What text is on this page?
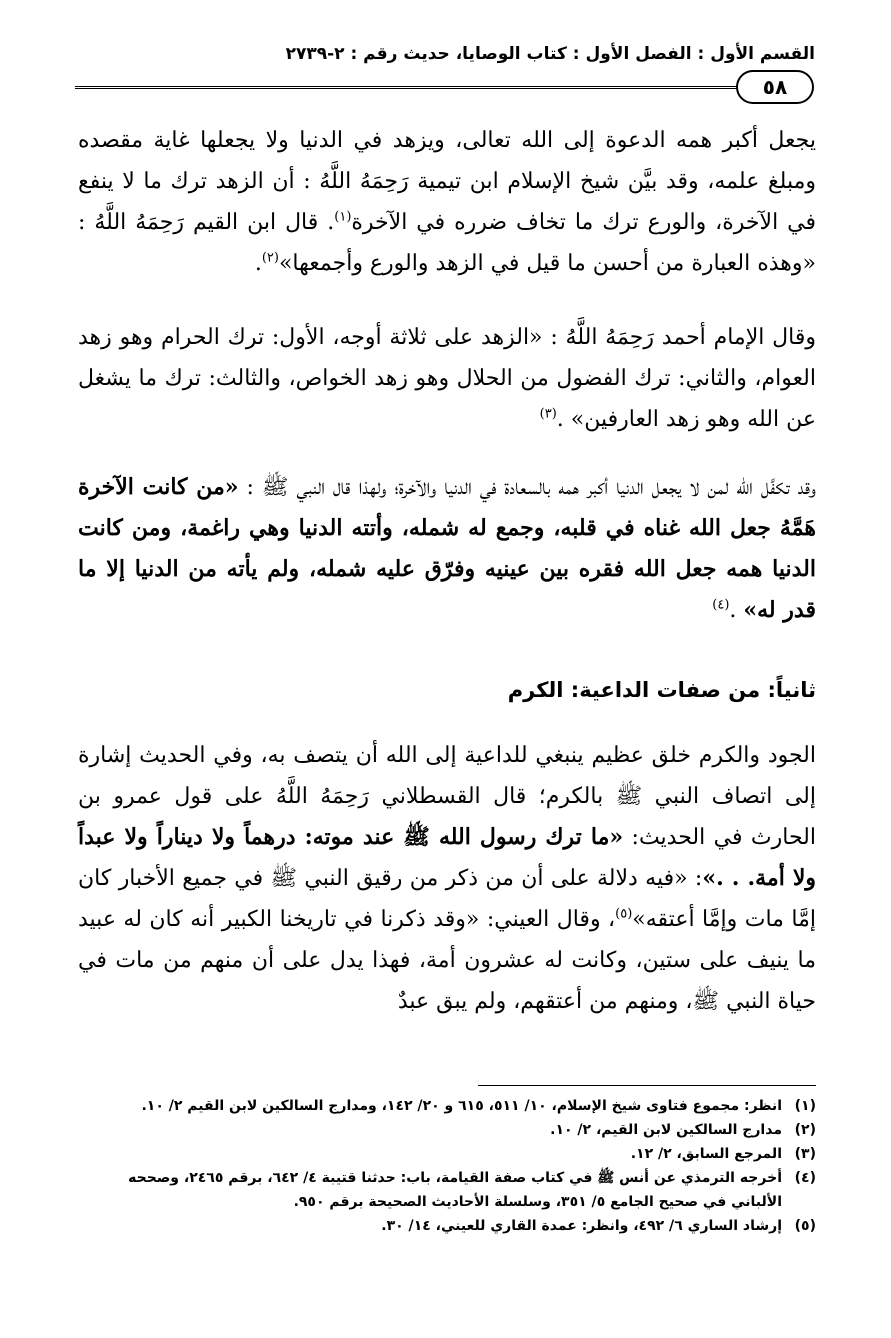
القسم الأول : الفصل الأول : كتاب الوصايا، حديث رقم : ٢-٢٧٣٩
٥٨

يجعل أكبر همه الدعوة إلى الله تعالى، ويزهد في الدنيا ولا يجعلها غاية مقصده ومبلغ علمه، وقد بيَّن شيخ الإسلام ابن تيمية رَحِمَهُ اللَّهُ : أن الزهد ترك ما لا ينفع في الآخرة، والورع ترك ما تخاف ضرره في الآخرة$^{(١)}$. قال ابن القيم رَحِمَهُ اللَّهُ : «وهذه العبارة من أحسن ما قيل في الزهد والورع وأجمعها»$^{(٢)}$.

وقال الإمام أحمد رَحِمَهُ اللَّهُ : «الزهد على ثلاثة أوجه، الأول: ترك الحرام وهو زهد العوام، والثاني: ترك الفضول من الحلال وهو زهد الخواص، والثالث: ترك ما يشغل عن الله وهو زهد العارفين» .$^{(٣)}$

وقد تكفَّل الله لمن لا يجعل الدنيا أكبر همه بالسعادة في الدنيا والآخرة؛ ولهذا قال النبي ﷺ : «من كانت الآخرة هَمَّهُ جعل الله غناه في قلبه، وجمع له شمله، وأتته الدنيا وهي راغمة، ومن كانت الدنيا همه جعل الله فقره بين عينيه وفرّق عليه شمله، ولم يأته من الدنيا إلا ما قدر له» .$^{(٤)}$

ثانياً: من صفات الداعية: الكرم

الجود والكرم خلق عظيم ينبغي للداعية إلى الله أن يتصف به، وفي الحديث إشارة إلى اتصاف النبي ﷺ بالكرم؛ قال القسطلاني رَحِمَهُ اللَّهُ على قول عمرو بن الحارث في الحديث: «ما ترك رسول الله ﷺ عند موته: درهماً ولا ديناراً ولا عبداً ولا أمة. . .»: «فيه دلالة على أن من ذكر من رقيق النبي ﷺ في جميع الأخبار كان إمَّا مات وإمَّا أعتقه»$^{(٥)}$، وقال العيني: «وقد ذكرنا في تاريخنا الكبير أنه كان له عبيد ما ينيف على ستين، وكانت له عشرون أمة، فهذا يدل على أن منهم من مات في حياة النبي ﷺ، ومنهم من أعتقهم، ولم يبق عبدٌ

(١)
انظر: مجموع فتاوى شيخ الإسلام، ١٠/ ٥١١، ٦١٥ و ٢٠/ ١٤٢، ومدارج السالكين لابن القيم ٢/ ١٠.
(٢)
مدارج السالكين لابن القيم، ٢/ ١٠.
(٣)
المرجع السابق، ٢/ ١٢.
(٤)
أخرجه الترمذي عن أنس ﷺ في كتاب صفة القيامة، باب: حدثنا قتيبة ٤/ ٦٤٢، برقم ٢٤٦٥، وصححه الألباني في صحيح الجامع ٥/ ٣٥١، وسلسلة الأحاديث الصحيحة برقم ٩٥٠.
(٥)
إرشاد الساري ٦/ ٤٩٢، وانظر: عمدة القاري للعيني، ١٤/ ٣٠.
